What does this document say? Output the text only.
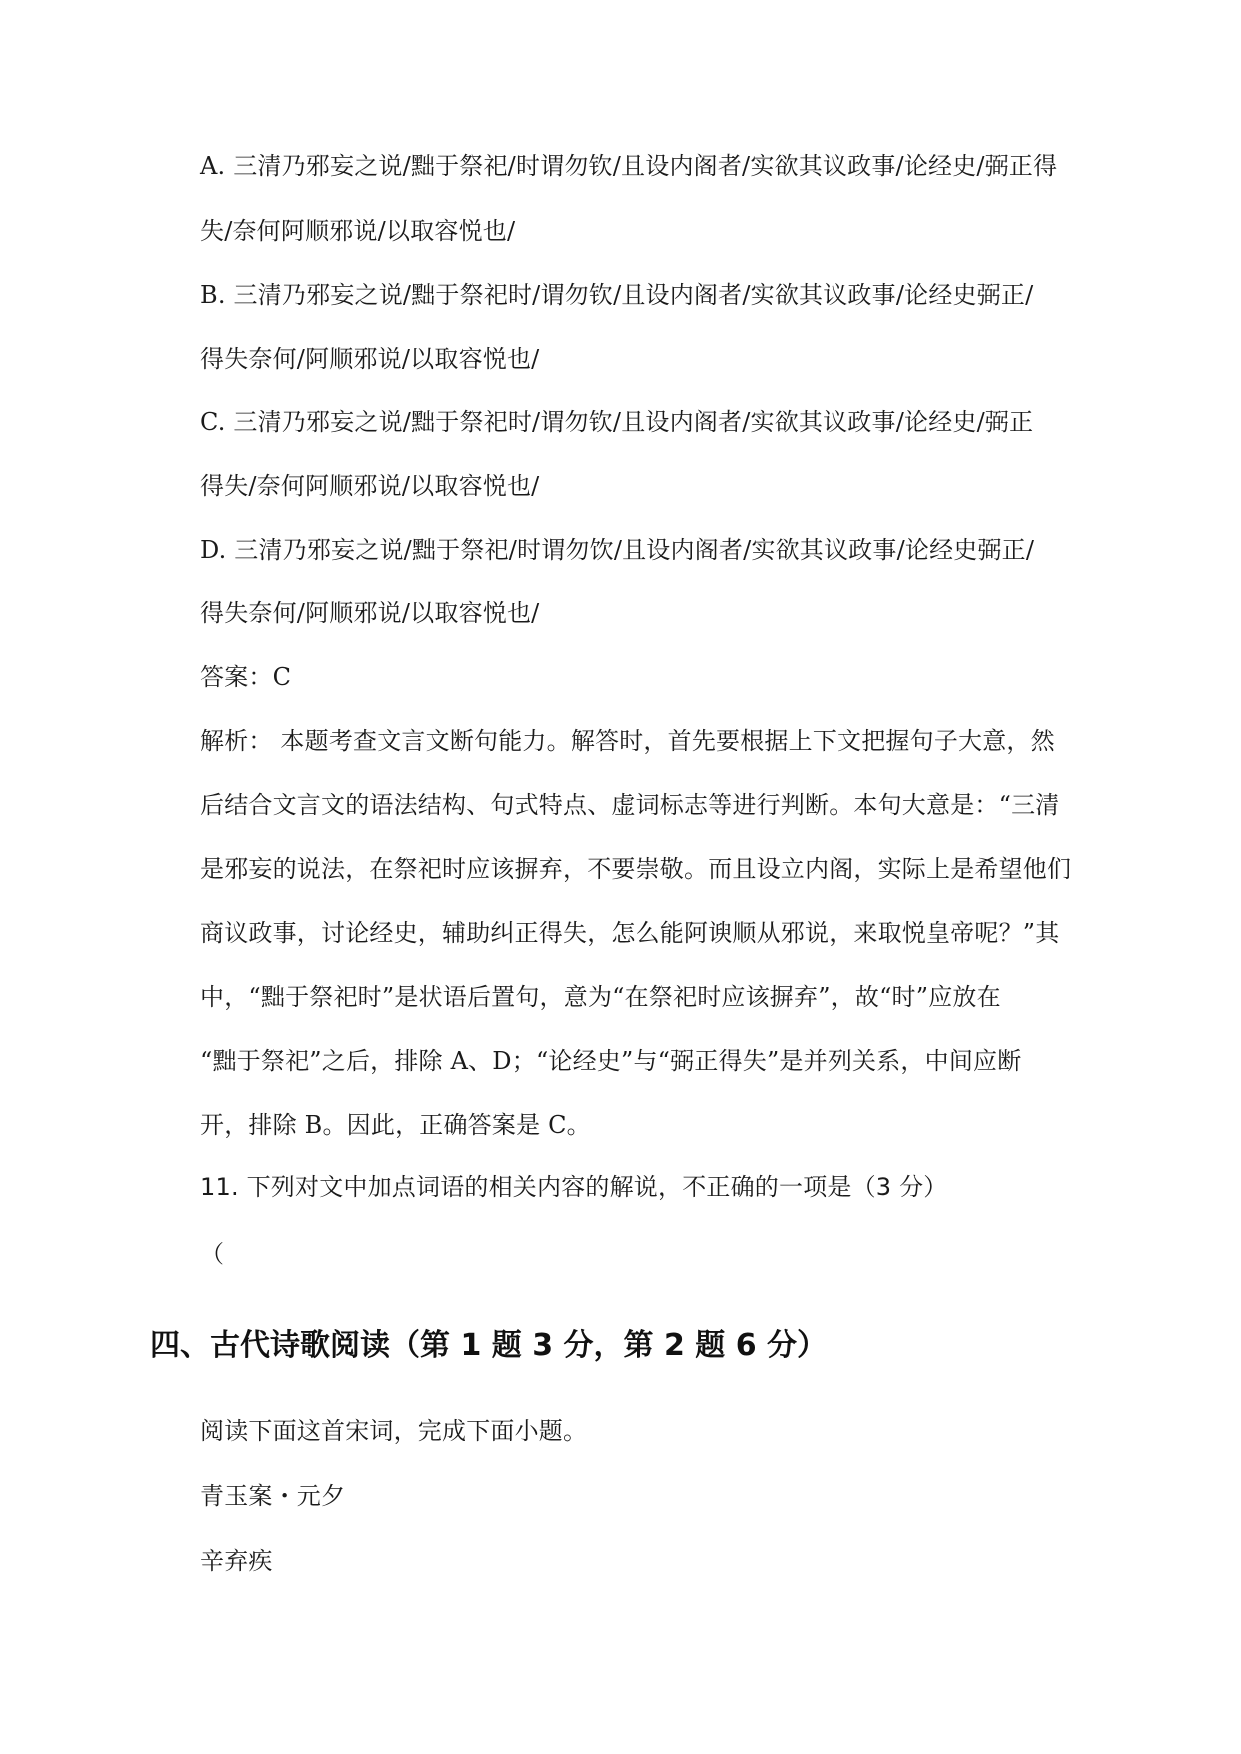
A. 三清乃邪妄之说/黜于祭祀/时谓勿钦/且设内阁者/实欲其议政事/论经史/弼正得
失/奈何阿顺邪说/以取容悦也/
B. 三清乃邪妄之说/黜于祭祀时/谓勿钦/且设内阁者/实欲其议政事/论经史弼正/
得失奈何/阿顺邪说/以取容悦也/
C. 三清乃邪妄之说/黜于祭祀时/谓勿钦/且设内阁者/实欲其议政事/论经史/弼正
得失/奈何阿顺邪说/以取容悦也/
D. 三清乃邪妄之说/黜于祭祀/时谓勿饮/且设内阁者/实欲其议政事/论经史弼正/
得失奈何/阿顺邪说/以取容悦也/
答案：C
解析： 本题考查文言文断句能力。解答时，首先要根据上下文把握句子大意，然
后结合文言文的语法结构、句式特点、虚词标志等进行判断。本句大意是：“三清
是邪妄的说法，在祭祀时应该摒弃，不要崇敬。而且设立内阁，实际上是希望他们
商议政事，讨论经史，辅助纠正得失，怎么能阿谀顺从邪说，来取悦皇帝呢？”其
中，“黜于祭祀时”是状语后置句，意为“在祭祀时应该摒弃”，故“时”应放在
“黜于祭祀”之后，排除 A、D；“论经史”与“弼正得失”是并列关系，中间应断
开，排除 B。因此，正确答案是 C。
11. 下列对文中加点词语的相关内容的解说，不正确的一项是（3 分）
（
四、古代诗歌阅读（第 1 题 3 分，第 2 题 6 分）
阅读下面这首宋词，完成下面小题。
青玉案・元夕
辛弃疾
